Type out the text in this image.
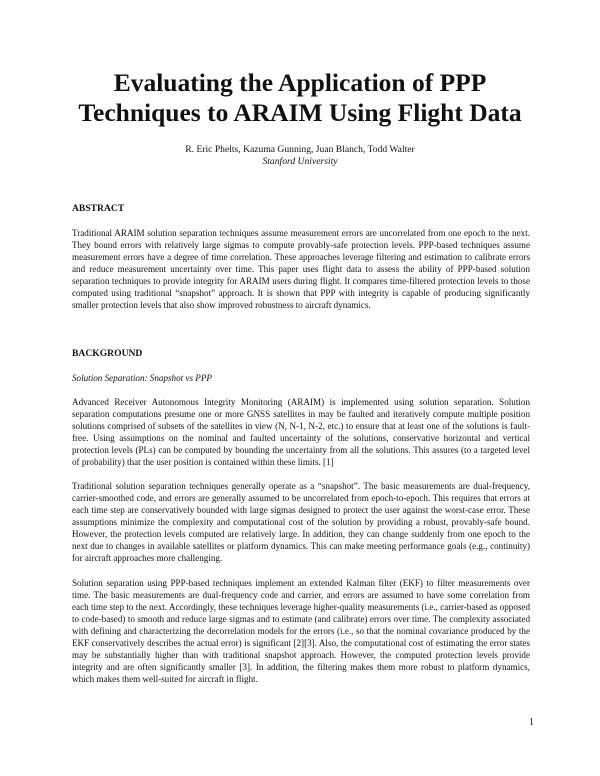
Evaluating the Application of PPP
Techniques to ARAIM Using Flight Data
R. Eric Phelts, Kazuma Gunning, Juan Blanch, Todd Walter
Stanford University
ABSTRACT

Traditional ARAIM solution separation techniques assume measurement errors are uncorrelated from one epoch to the next. They bound errors with relatively large sigmas to compute provably-safe protection levels. PPP-based techniques assume measurement errors have a degree of time correlation. These approaches leverage filtering and estimation to calibrate errors and reduce measurement uncertainty over time. This paper uses flight data to assess the ability of PPP-based solution separation techniques to provide integrity for ARAIM users during flight. It compares time-filtered protection levels to those computed using traditional “snapshot” approach. It is shown that PPP with integrity is capable of producing significantly smaller protection levels that also show improved robustness to aircraft dynamics.

BACKGROUND
Solution Separation: Snapshot vs PPP

Advanced Receiver Autonomous Integrity Monitoring (ARAIM) is implemented using solution separation. Solution separation computations presume one or more GNSS satellites in may be faulted and iteratively compute multiple position solutions comprised of subsets of the satellites in view (N, N-1, N-2, etc.) to ensure that at least one of the solutions is fault-free. Using assumptions on the nominal and faulted uncertainty of the solutions, conservative horizontal and vertical protection levels (PLs) can be computed by bounding the uncertainty from all the solutions. This assures (to a targeted level of probability) that the user position is contained within these limits. [1]

Traditional solution separation techniques generally operate as a “snapshot”. The basic measurements are dual-frequency, carrier-smoothed code, and errors are generally assumed to be uncorrelated from epoch-to-epoch. This requires that errors at each time step are conservatively bounded with large sigmas designed to protect the user against the worst-case error. These assumptions minimize the complexity and computational cost of the solution by providing a robust, provably-safe bound. However, the protection levels computed are relatively large. In addition, they can change suddenly from one epoch to the next due to changes in available satellites or platform dynamics. This can make meeting performance goals (e.g., continuity) for aircraft approaches more challenging.

Solution separation using PPP-based techniques implement an extended Kalman filter (EKF) to filter measurements over time. The basic measurements are dual-frequency code and carrier, and errors are assumed to have some correlation from each time step to the next. Accordingly, these techniques leverage higher-quality measurements (i.e., carrier-based as opposed to code-based) to smooth and reduce large sigmas and to estimate (and calibrate) errors over time. The complexity associated with defining and characterizing the decorrelation models for the errors (i.e., so that the nominal covariance produced by the EKF conservatively describes the actual error) is significant [2][3]. Also, the computational cost of estimating the error states may be substantially higher than with traditional snapshot approach. However, the computed protection levels provide integrity and are often significantly smaller [3]. In addition, the filtering makes them more robust to platform dynamics, which makes them well-suited for aircraft in flight.

1
